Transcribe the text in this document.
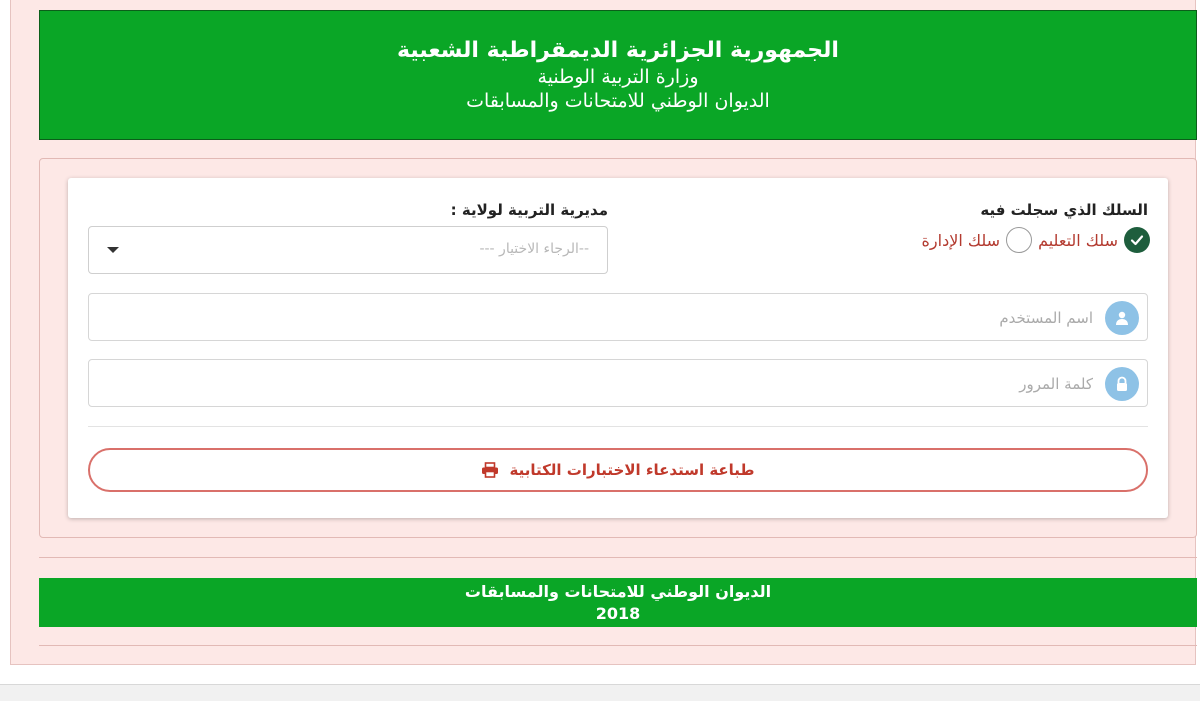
الجمهورية الجزائرية الديمقراطية الشعبية
وزارة التربية الوطنية
الديوان الوطني للامتحانات والمسابقات
السلك الذي سجلت فيه
مديرية التربية لولاية :
سلك التعليم
سلك الإدارة
--الرجاء الاختيار ---
اسم المستخدم
طباعة استدعاء الاختبارات الكتابية
الديوان الوطني للامتحانات والمسابقات
2018
